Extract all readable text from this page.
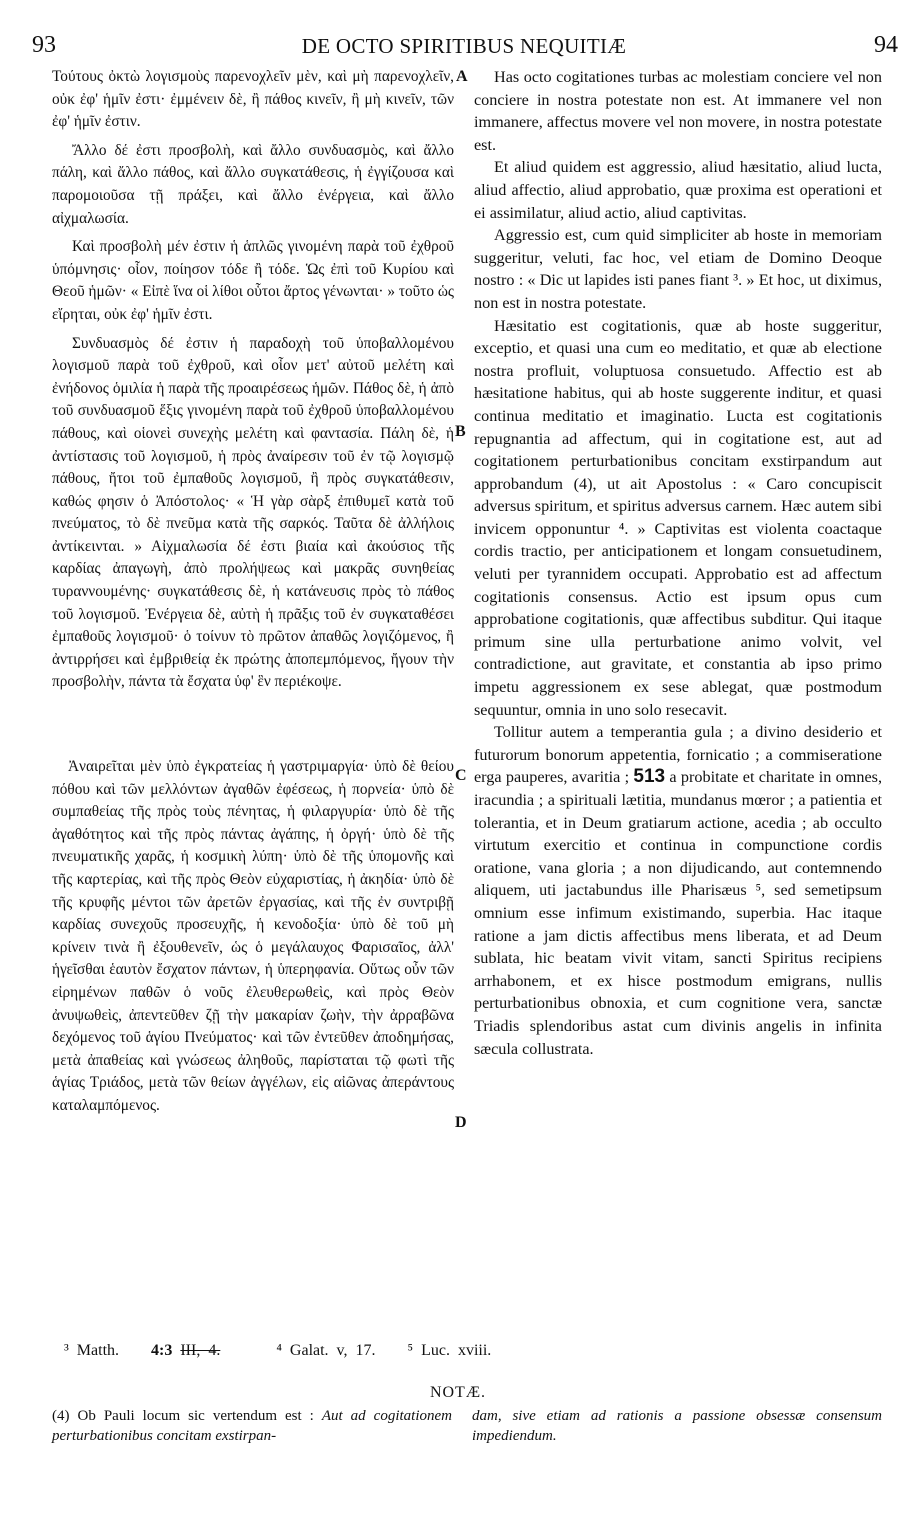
93	DE OCTO SPIRITIBUS NEQUITIÆ	94

Τούτους ὀκτὼ λογισμοὺς παρενοχλεῖν μὲν, καὶ μὴ παρενοχλεῖν, οὐκ ἐφ' ἡμῖν ἐστι· ἐμμένειν δὲ, ἢ πάθος κινεῖν, ἢ μὴ κινεῖν, τῶν ἐφ' ἡμῖν ἐστιν.

Ἄλλο δέ ἐστι προσβολὴ, καὶ ἄλλο συνδυασμὸς, καὶ ἄλλο πάλη, καὶ ἄλλο πάθος, καὶ ἄλλο συγκατάθεσις, ἡ ἐγγίζουσα καὶ παρομοιοῦσα τῇ πράξει, καὶ ἄλλο ἐνέργεια, καὶ ἄλλο αἰχμαλωσία.

Καὶ προσβολὴ μέν ἐστιν ἡ ἁπλῶς γινομένη παρὰ τοῦ ἐχθροῦ ὑπόμνησις· οἷον, ποίησον τόδε ἢ τόδε. Ὡς ἐπὶ τοῦ Κυρίου καὶ Θεοῦ ἡμῶν· « Εἰπὲ ἵνα οἱ λίθοι οὗτοι ἄρτος γένωνται· » τοῦτο ὡς εἴρηται, οὐκ ἐφ' ἡμῖν ἐστι.

Συνδυασμὸς δέ ἐστιν ἡ παραδοχὴ τοῦ ὑποβαλλομένου λογισμοῦ παρὰ τοῦ ἐχθροῦ, καὶ οἷον μετ' αὐτοῦ μελέτη καὶ ἐνήδονος ὁμιλία ἡ παρὰ τῆς προαιρέσεως ἡμῶν. Πάθος δὲ, ἡ ἀπὸ τοῦ συνδυασμοῦ ἕξις γινομένη παρὰ τοῦ ἐχθροῦ ὑποβαλλομένου πάθους, καὶ οἱονεὶ συνεχὴς μελέτη καὶ φαντασία. Πάλη δὲ, ἡ ἀντίστασις τοῦ λογισμοῦ, ἡ πρὸς ἀναίρεσιν τοῦ ἐν τῷ λογισμῷ πάθους, ἤτοι τοῦ ἐμπαθοῦς λογισμοῦ, ἢ πρὸς συγκατάθεσιν, καθώς φησιν ὁ Ἀπόστολος· « Ἡ γὰρ σὰρξ ἐπιθυμεῖ κατὰ τοῦ πνεύματος, τὸ δὲ πνεῦμα κατὰ τῆς σαρκός. Ταῦτα δὲ ἀλλήλοις ἀντίκεινται. » Αἰχμαλωσία δέ ἐστι βιαία καὶ ἀκούσιος τῆς καρδίας ἀπαγωγὴ, ἀπὸ προλήψεως καὶ μακρᾶς συνηθείας τυραννουμένης· συγκατάθεσις δὲ, ἡ κατάνευσις πρὸς τὸ πάθος τοῦ λογισμοῦ. Ἐνέργεια δὲ, αὐτὴ ἡ πρᾶξις τοῦ ἐν συγκαταθέσει ἐμπαθοῦς λογισμοῦ· ὁ τοίνυν τὸ πρῶτον ἀπαθῶς λογιζόμενος, ἢ ἀντιρρήσει καὶ ἐμβριθείᾳ ἐκ πρώτης ἀποπεμπόμενος, ἤγουν τὴν προσβολὴν, πάντα τὰ ἔσχατα ὑφ' ἓν περιέκοψε.

Ἀναιρεῖται μὲν ὑπὸ ἐγκρατείας ἡ γαστριμαργία· ὑπὸ δὲ θείου πόθου καὶ τῶν μελλόντων ἀγαθῶν ἐφέσεως, ἡ πορνεία· ὑπὸ δὲ συμπαθείας τῆς πρὸς τοὺς πένητας, ἡ φιλαργυρία· ὑπὸ δὲ τῆς ἀγαθότητος καὶ τῆς πρὸς πάντας ἀγάπης, ἡ ὀργή· ὑπὸ δὲ τῆς πνευματικῆς χαρᾶς, ἡ κοσμικὴ λύπη· ὑπὸ δὲ τῆς ὑπομονῆς καὶ τῆς καρτερίας, καὶ τῆς πρὸς Θεὸν εὐχαριστίας, ἡ ἀκηδία· ὑπὸ δὲ τῆς κρυφῆς μέντοι τῶν ἀρετῶν ἐργασίας, καὶ τῆς ἐν συντριβῇ καρδίας συνεχοῦς προσευχῆς, ἡ κενοδοξία· ὑπὸ δὲ τοῦ μὴ κρίνειν τινὰ ἢ ἐξουθενεῖν, ὡς ὁ μεγάλαυχος Φαρισαῖος, ἀλλ' ἡγεῖσθαι ἑαυτὸν ἔσχατον πάντων, ἡ ὑπερηφανία. Οὕτως οὖν τῶν εἰρημένων παθῶν ὁ νοῦς ἐλευθερωθεὶς, καὶ πρὸς Θεὸν ἀνυψωθεὶς, ἀπεντεῦθεν ζῇ τὴν μακαρίαν ζωὴν, τὴν ἀρραβῶνα δεχόμενος τοῦ ἁγίου Πνεύματος· καὶ τῶν ἐντεῦθεν ἀποδημήσας, μετὰ ἀπαθείας καὶ γνώσεως ἀληθοῦς, παρίσταται τῷ φωτὶ τῆς ἁγίας Τριάδος, μετὰ τῶν θείων ἀγγέλων, εἰς αἰῶνας ἀπεράντους καταλαμπόμενος.

A
B
C
D

Has octo cogitationes turbas ac molestiam conciere vel non conciere in nostra potestate non est. At immanere vel non immanere, affectus movere vel non movere, in nostra potestate est.

Et aliud quidem est aggressio, aliud hæsitatio, aliud lucta, aliud affectio, aliud approbatio, quæ proxima est operationi et ei assimilatur, aliud actio, aliud captivitas.

Aggressio est, cum quid simpliciter ab hoste in memoriam suggeritur, veluti, fac hoc, vel etiam de Domino Deoque nostro : « Dic ut lapides isti panes fiant ³. » Et hoc, ut diximus, non est in nostra potestate.

Hæsitatio est cogitationis, quæ ab hoste suggeritur, exceptio, et quasi una cum eo meditatio, et quæ ab electione nostra profluit, voluptuosa consuetudo. Affectio est ab hæsitatione habitus, qui ab hoste suggerente inditur, et quasi continua meditatio et imaginatio. Lucta est cogitationis repugnantia ad affectum, qui in cogitatione est, aut ad cogitationem perturbationibus concitam exstirpandum aut approbandum (4), ut ait Apostolus : « Caro concupiscit adversus spiritum, et spiritus adversus carnem. Hæc autem sibi invicem opponuntur ⁴. » Captivitas est violenta coactaque cordis tractio, per anticipationem et longam consuetudinem, veluti per tyrannidem occupati. Approbatio est ad affectum cogitationis consensus. Actio est ipsum opus cum approbatione cogitationis, quæ affectibus subditur. Qui itaque primum sine ulla perturbatione animo volvit, vel contradictione, aut gravitate, et constantia ab ipso primo impetu aggressionem ex sese ablegat, quæ postmodum sequuntur, omnia in uno solo resecavit.

Tollitur autem a temperantia gula ; a divino desiderio et futurorum bonorum appetentia, fornicatio ; a commiseratione erga pauperes, avaritia ; 513 a probitate et charitate in omnes, iracundia ; a spirituali lætitia, mundanus mœror ; a patientia et tolerantia, et in Deum gratiarum actione, acedia ; ab occulto virtutum exercitio et continua in compunctione cordis oratione, vana gloria ; a non dijudicando, aut contemnendo aliquem, uti jactabundus ille Pharisæus ⁵, sed semetipsum omnium esse infimum existimando, superbia. Hac itaque ratione a jam dictis affectibus mens liberata, et ad Deum sublata, hic beatam vivit vitam, sancti Spiritus recipiens arrhabonem, et ex hisce postmodum emigrans, nullis perturbationibus obnoxia, et cum cognitione vera, sanctæ Triadis splendoribus astat cum divinis angelis in infinita sæcula collustrata.

³ Matth. 4:3 III, 4.	⁴ Galat. v, 17. ⁵ Luc. xviii.
NOTÆ.
(4) Ob Pauli locum sic vertendum est : Aut ad cogitationem perturbationibus concitam exstirpan-
dam, sive etiam ad rationis a passione obsessæ consensum impediendum.
